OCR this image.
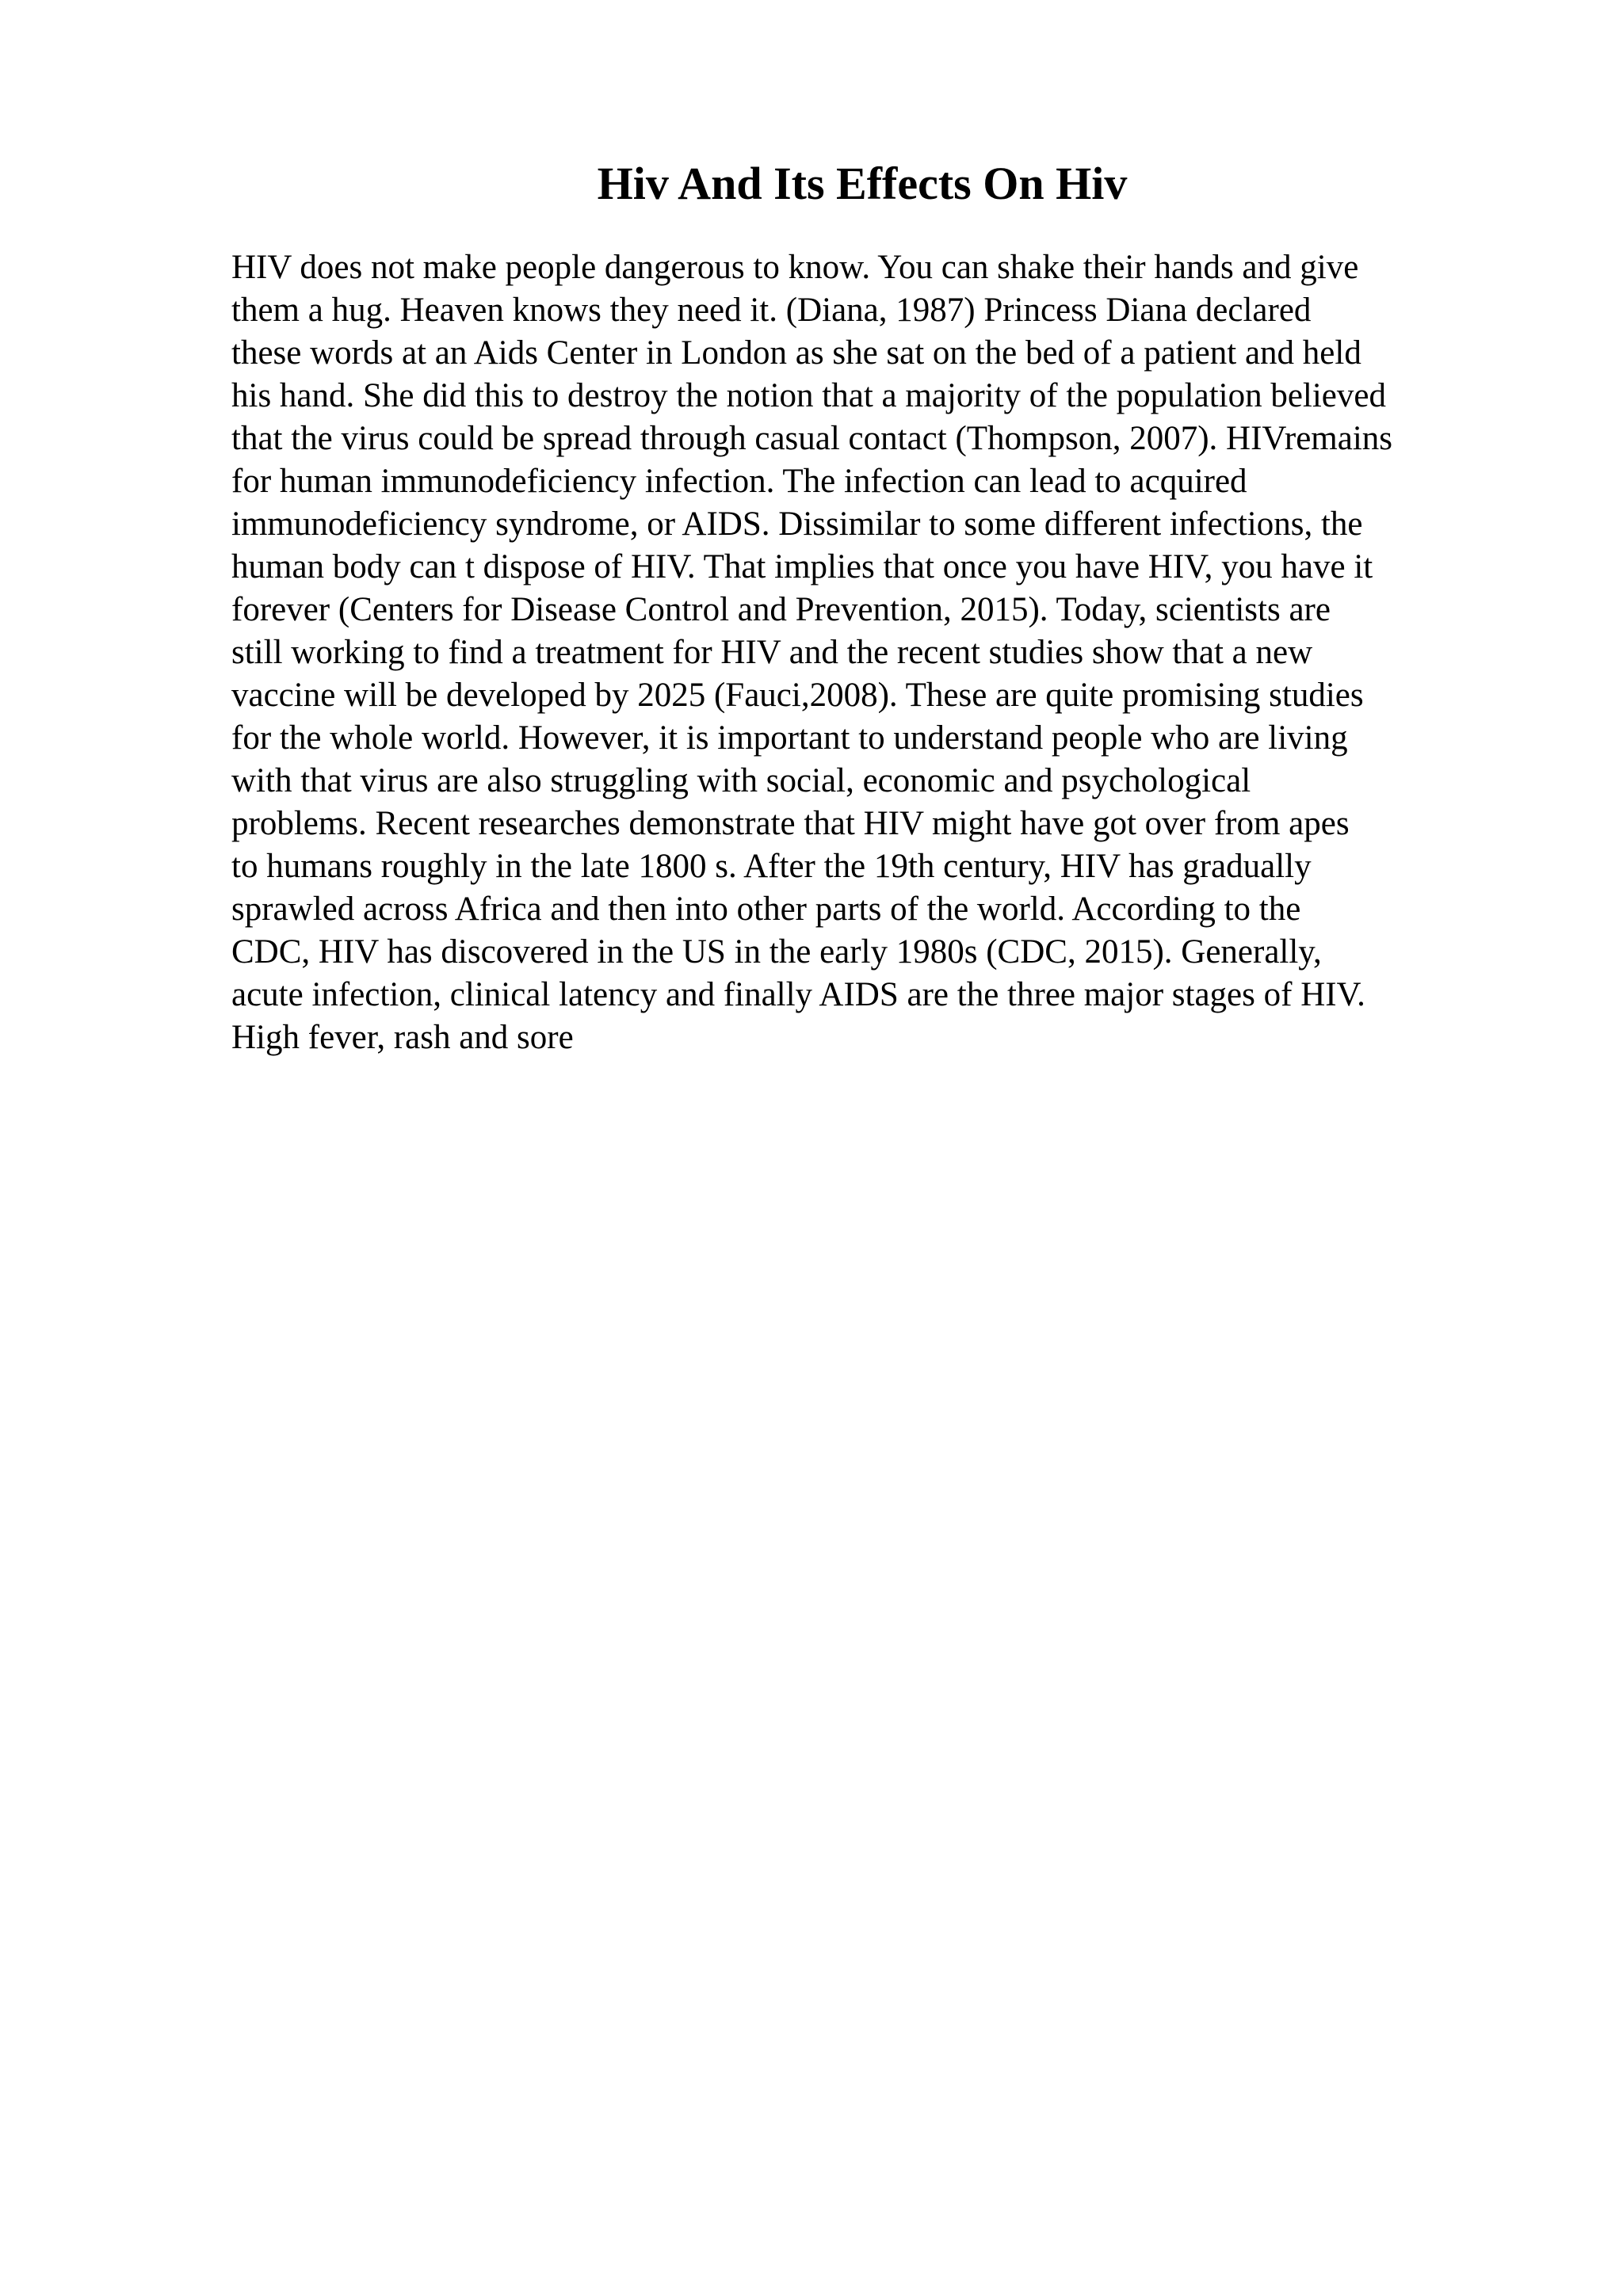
Hiv And Its Effects On Hiv
HIV does not make people dangerous to know. You can shake their hands and give
them a hug. Heaven knows they need it. (Diana, 1987) Princess Diana declared
these words at an Aids Center in London as she sat on the bed of a patient and held
his hand. She did this to destroy the notion that a majority of the population believed
that the virus could be spread through casual contact (Thompson, 2007). HIVremains
for human immunodeficiency infection. The infection can lead to acquired
immunodeficiency syndrome, or AIDS. Dissimilar to some different infections, the
human body can t dispose of HIV. That implies that once you have HIV, you have it
forever (Centers for Disease Control and Prevention, 2015). Today, scientists are
still working to find a treatment for HIV and the recent studies show that a new
vaccine will be developed by 2025 (Fauci,2008). These are quite promising studies
for the whole world. However, it is important to understand people who are living
with that virus are also struggling with social, economic and psychological
problems. Recent researches demonstrate that HIV might have got over from apes
to humans roughly in the late 1800 s. After the 19th century, HIV has gradually
sprawled across Africa and then into other parts of the world. According to the
CDC, HIV has discovered in the US in the early 1980s (CDC, 2015). Generally,
acute infection, clinical latency and finally AIDS are the three major stages of HIV.
High fever, rash and sore
